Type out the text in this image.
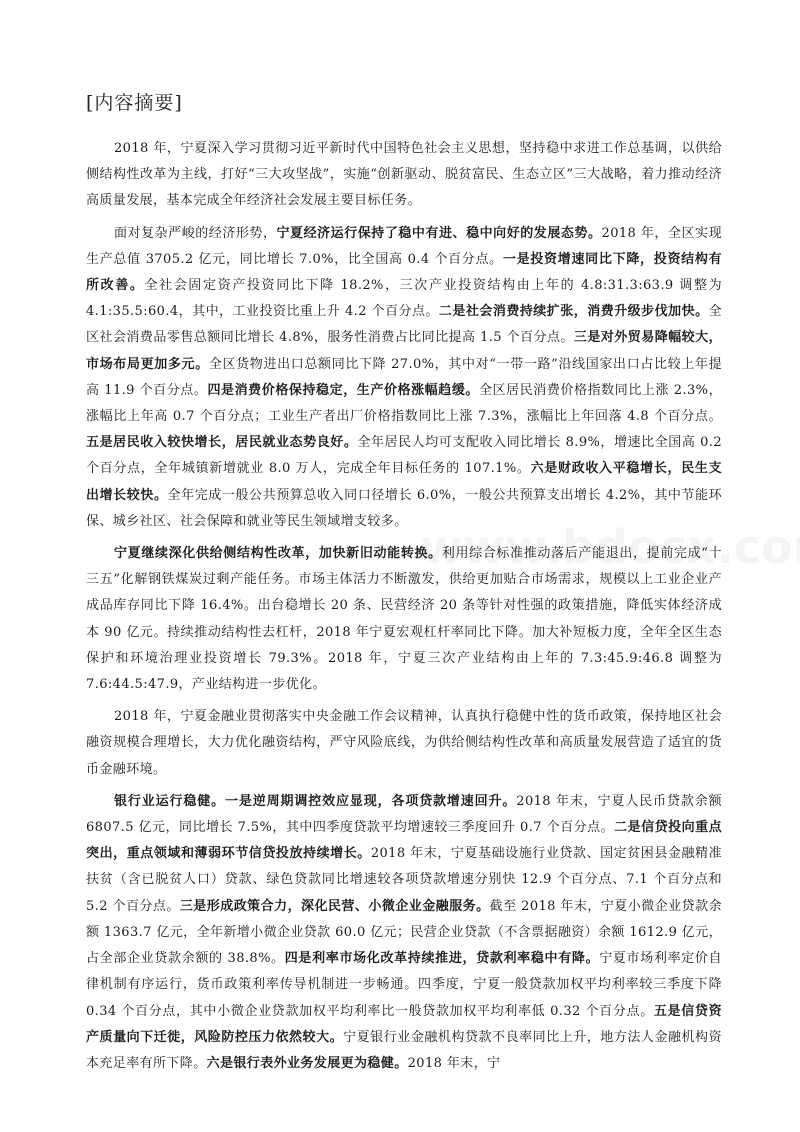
[内容摘要]

2018 年，宁夏深入学习贯彻习近平新时代中国特色社会主义思想，坚持稳中求进工作总基调，以供给侧结构性改革为主线，打好“三大攻坚战”，实施“创新驱动、脱贫富民、生态立区”三大战略，着力推动经济高质量发展，基本完成全年经济社会发展主要目标任务。

面对复杂严峻的经济形势，宁夏经济运行保持了稳中有进、稳中向好的发展态势。2018 年，全区实现生产总值 3705.2 亿元，同比增长 7.0%，比全国高 0.4 个百分点。一是投资增速同比下降，投资结构有所改善。全社会固定资产投资同比下降 18.2%，三次产业投资结构由上年的 4.8:31.3:63.9 调整为 4.1:35.5:60.4，其中，工业投资比重上升 4.2 个百分点。二是社会消费持续扩张，消费升级步伐加快。全区社会消费品零售总额同比增长 4.8%，服务性消费占比同比提高 1.5 个百分点。三是对外贸易降幅较大，市场布局更加多元。全区货物进出口总额同比下降 27.0%，其中对“一带一路”沿线国家出口占比较上年提高 11.9 个百分点。四是消费价格保持稳定，生产价格涨幅趋缓。全区居民消费价格指数同比上涨 2.3%，涨幅比上年高 0.7 个百分点；工业生产者出厂价格指数同比上涨 7.3%，涨幅比上年回落 4.8 个百分点。五是居民收入较快增长，居民就业态势良好。全年居民人均可支配收入同比增长 8.9%，增速比全国高 0.2 个百分点，全年城镇新增就业 8.0 万人，完成全年目标任务的 107.1%。六是财政收入平稳增长，民生支出增长较快。全年完成一般公共预算总收入同口径增长 6.0%，一般公共预算支出增长 4.2%，其中节能环保、城乡社区、社会保障和就业等民生领域增支较多。

宁夏继续深化供给侧结构性改革，加快新旧动能转换。利用综合标准推动落后产能退出，提前完成“十三五”化解钢铁煤炭过剩产能任务。市场主体活力不断激发，供给更加贴合市场需求，规模以上工业企业产成品库存同比下降 16.4%。出台稳增长 20 条、民营经济 20 条等针对性强的政策措施，降低实体经济成本 90 亿元。持续推动结构性去杠杆，2018 年宁夏宏观杠杆率同比下降。加大补短板力度，全年全区生态保护和环境治理业投资增长 79.3%。2018 年，宁夏三次产业结构由上年的 7.3:45.9:46.8 调整为 7.6:44.5:47.9，产业结构进一步优化。

2018 年，宁夏金融业贯彻落实中央金融工作会议精神，认真执行稳健中性的货币政策，保持地区社会融资规模合理增长，大力优化融资结构，严守风险底线，为供给侧结构性改革和高质量发展营造了适宜的货币金融环境。

银行业运行稳健。一是逆周期调控效应显现，各项贷款增速回升。2018 年末，宁夏人民币贷款余额 6807.5 亿元，同比增长 7.5%，其中四季度贷款平均增速较三季度回升 0.7 个百分点。二是信贷投向重点突出，重点领域和薄弱环节信贷投放持续增长。2018 年末，宁夏基础设施行业贷款、国定贫困县金融精准扶贫（含已脱贫人口）贷款、绿色贷款同比增速较各项贷款增速分别快 12.9 个百分点、7.1 个百分点和 5.2 个百分点。三是形成政策合力，深化民营、小微企业金融服务。截至 2018 年末，宁夏小微企业贷款余额 1363.7 亿元，全年新增小微企业贷款 60.0 亿元；民营企业贷款（不含票据融资）余额 1612.9 亿元，占全部企业贷款余额的 38.8%。四是利率市场化改革持续推进，贷款利率稳中有降。宁夏市场利率定价自律机制有序运行，货币政策利率传导机制进一步畅通。四季度，宁夏一般贷款加权平均利率较三季度下降 0.34 个百分点，其中小微企业贷款加权平均利率比一般贷款加权平均利率低 0.32 个百分点。五是信贷资产质量向下迁徙，风险防控压力依然较大。宁夏银行业金融机构贷款不良率同比上升，地方法人金融机构资本充足率有所下降。六是银行表外业务发展更为稳健。2018 年末，宁
